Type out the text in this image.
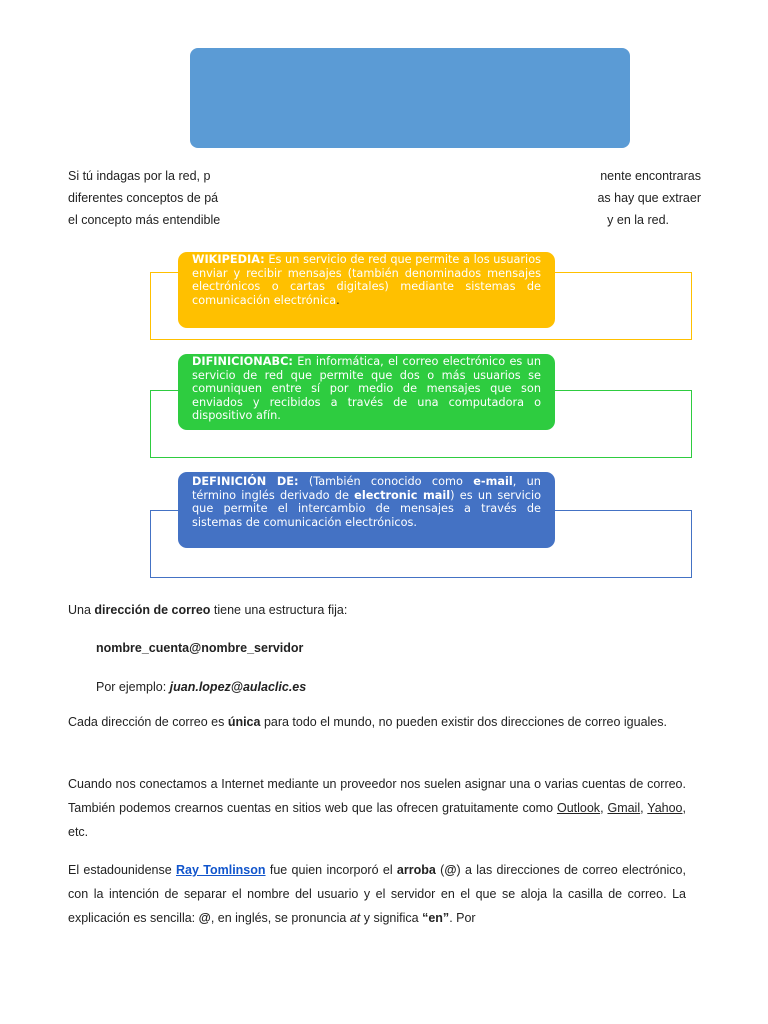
Si tú indagas por la red, p	nente encontraras
diferentes conceptos de pá	as hay que extraer
el concepto más entendible	y en la red.
WIKIPEDIA: Es un servicio de red que permite a los usuarios enviar y recibir mensajes (también denominados mensajes electrónicos o cartas digitales) mediante sistemas de comunicación electrónica.
DIFINICIONABC: En informática, el correo electrónico es un servicio de red que permite que dos o más usuarios se comuniquen entre sí por medio de mensajes que son enviados y recibidos a través de una computadora o dispositivo afín.
DEFINICIÓN DE: (También conocido como e-mail, un término inglés derivado de electronic mail) es un servicio que permite el intercambio de mensajes a través de sistemas de comunicación electrónicos.
Una dirección de correo tiene una estructura fija:
nombre_cuenta@nombre_servidor
Por ejemplo: juan.lopez@aulaclic.es
Cada dirección de correo es única para todo el mundo, no pueden existir dos direcciones de correo iguales.
Cuando nos conectamos a Internet mediante un proveedor nos suelen asignar una o varias cuentas de correo. También podemos crearnos cuentas en sitios web que las ofrecen gratuitamente como Outlook, Gmail, Yahoo, etc.
El estadounidense Ray Tomlinson fue quien incorporó el arroba (@) a las direcciones de correo electrónico, con la intención de separar el nombre del usuario y el servidor en el que se aloja la casilla de correo. La explicación es sencilla: @, en inglés, se pronuncia at y significa “en”. Por
